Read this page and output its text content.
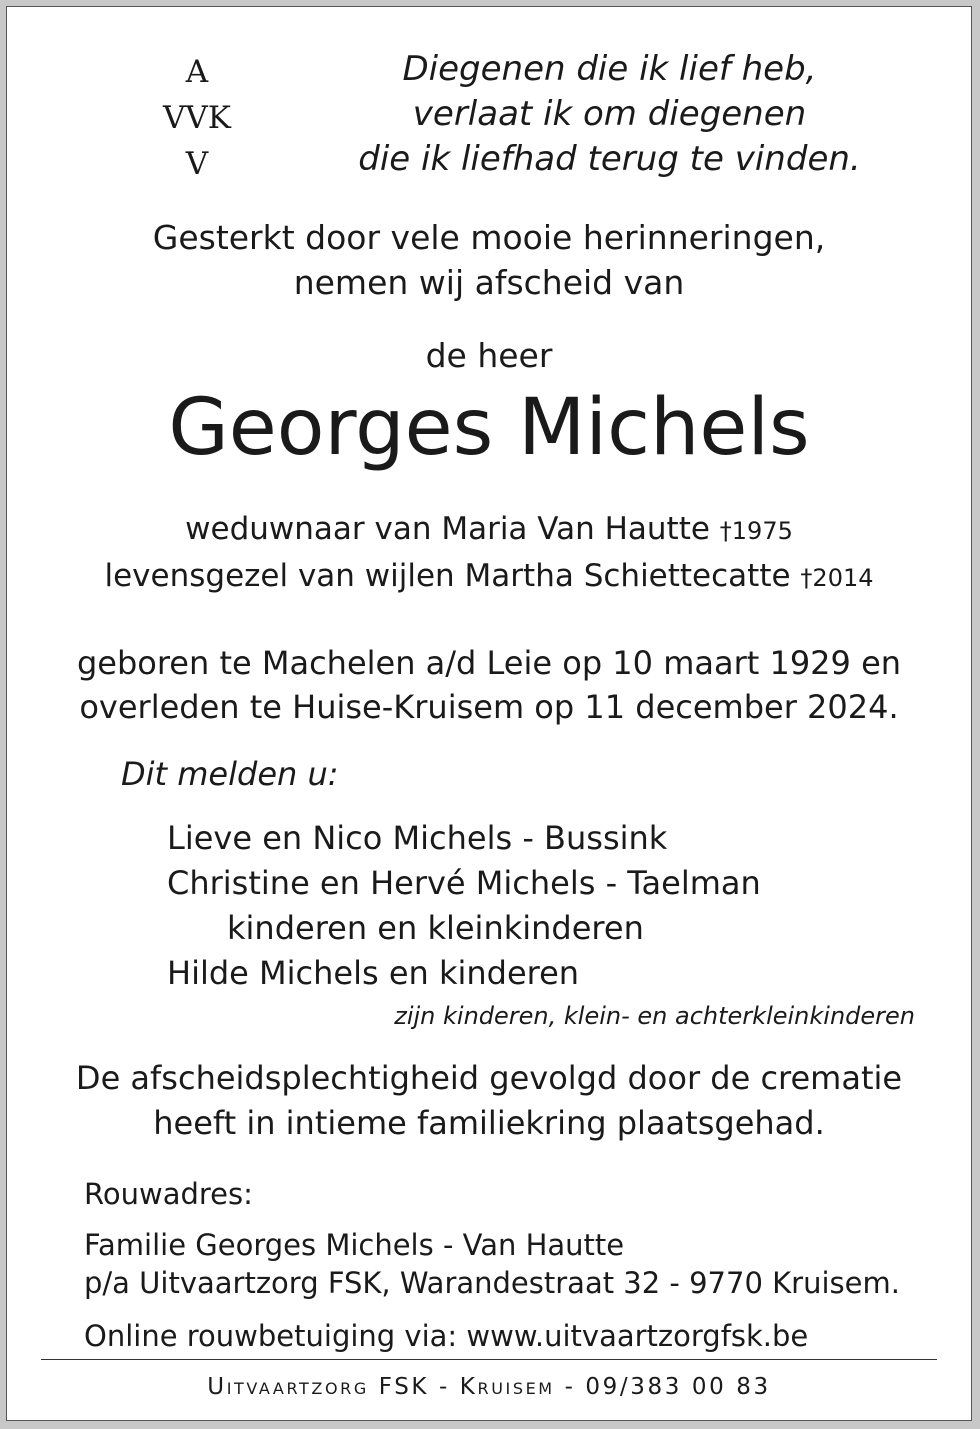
A
VVK
V
Diegenen die ik lief heb,
verlaat ik om diegenen
die ik liefhad terug te vinden.
Gesterkt door vele mooie herinneringen,
nemen wij afscheid van
de heer
Georges Michels
weduwnaar van Maria Van Hautte †1975
levensgezel van wijlen Martha Schiettecatte †2014
geboren te Machelen a/d Leie op 10 maart 1929 en
overleden te Huise-Kruisem op 11 december 2024.
Dit melden u:
Lieve en Nico Michels - Bussink
Christine en Hervé Michels - Taelman
kinderen en kleinkinderen
Hilde Michels en kinderen
zijn kinderen, klein- en achterkleinkinderen
De afscheidsplechtigheid gevolgd door de crematie
heeft in intieme familiekring plaatsgehad.
Rouwadres:
Familie Georges Michels - Van Hautte
p/a Uitvaartzorg FSK, Warandestraat 32 - 9770 Kruisem.
Online rouwbetuiging via: www.uitvaartzorgfsk.be
Uitvaartzorg FSK - Kruisem - 09/383 00 83
